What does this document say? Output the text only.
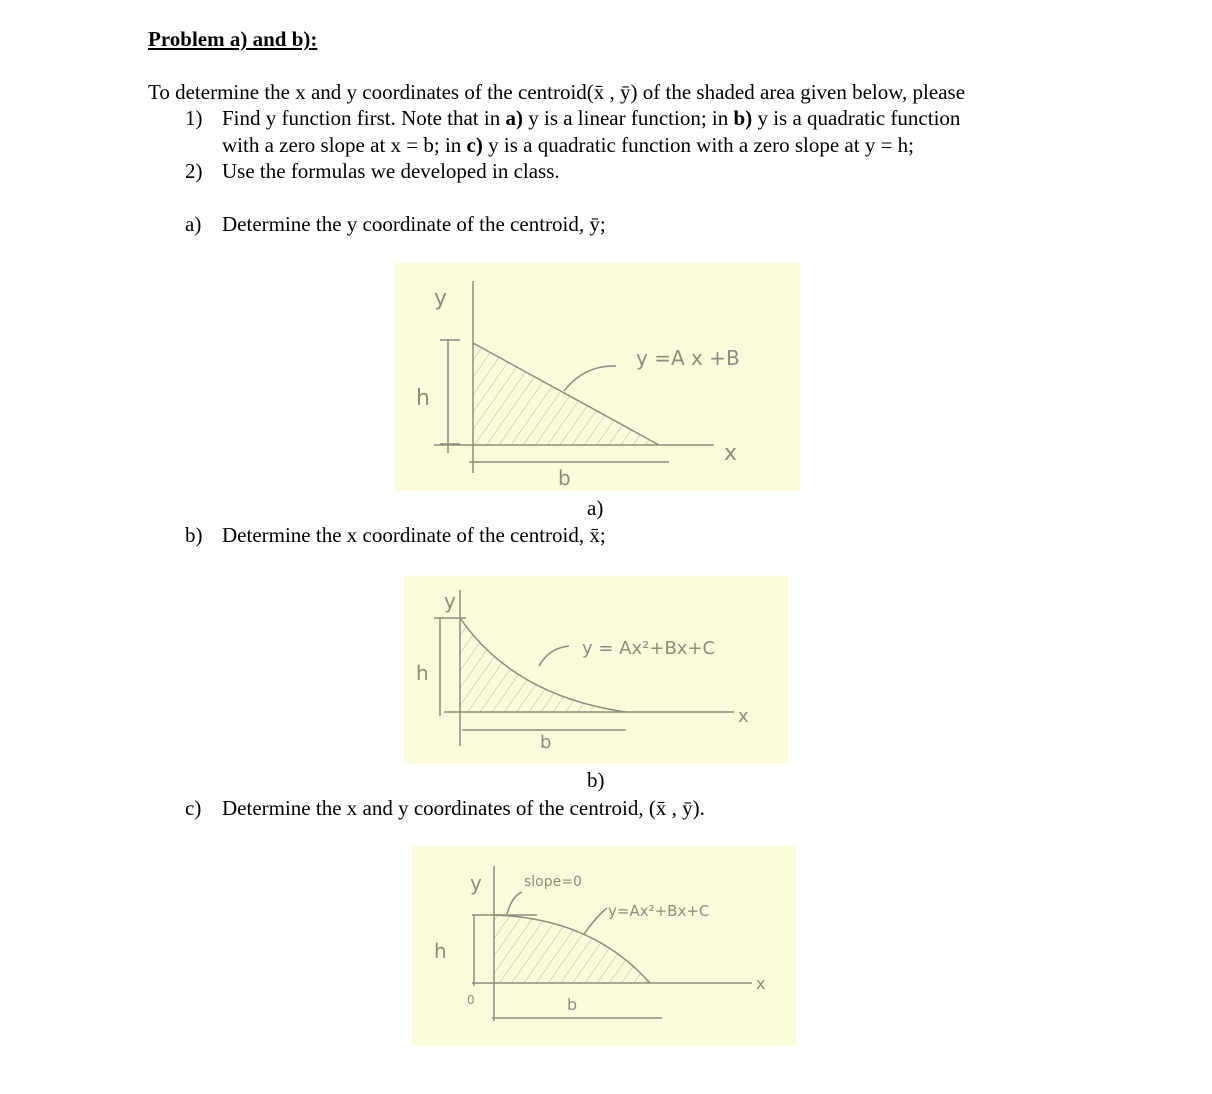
Problem a) and b):
To determine the x and y coordinates of the centroid(x̄ , ȳ) of the shaded area given below, please
1) Find y function first. Note that in a) y is a linear function; in b) y is a quadratic function
with a zero slope at x = b; in c) y is a quadratic function with a zero slope at y = h;
2) Use the formulas we developed in class.
a) Determine the y coordinate of the centroid, ȳ;
y
x
h
b
y =A x +B
a)
b) Determine the x coordinate of the centroid, x̄;
y
x
h
b
y = Ax²+Bx+C
b)
c) Determine the x and y coordinates of the centroid, (x̄ , ȳ).
y
x
h
0	b
slope=0
y=Ax²+Bx+C
